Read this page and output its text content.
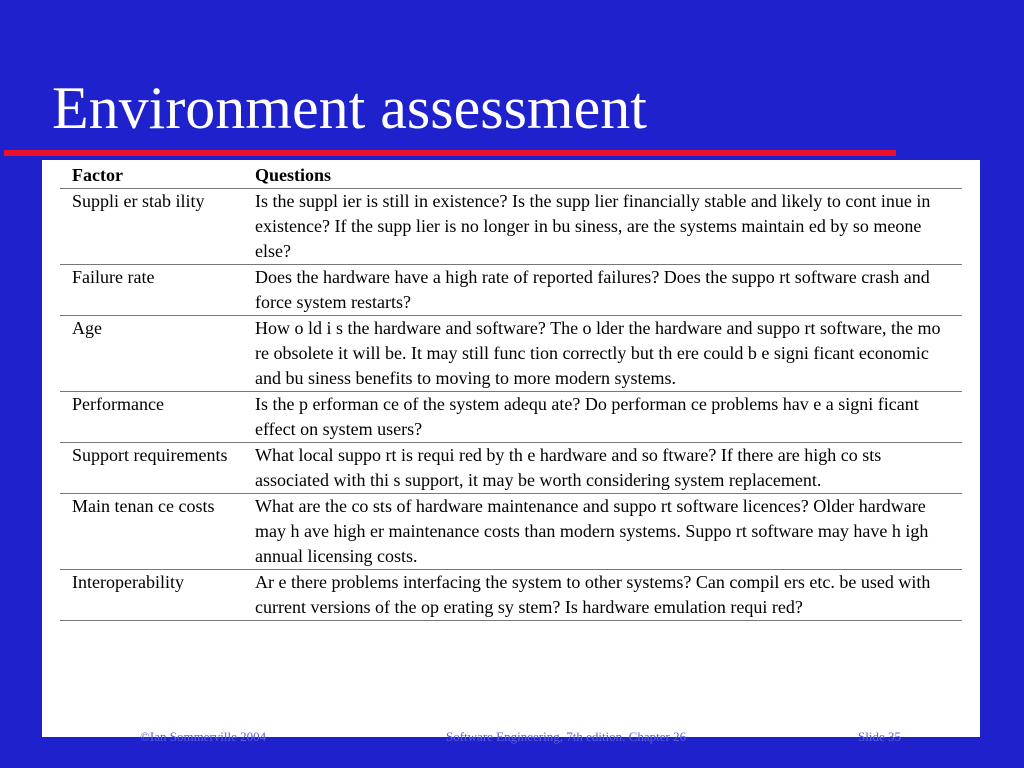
Environment assessment
Factor	Questions
Suppli er stab ility	Is the suppl ier is still in existence? Is the supp lier financially stable and likely to cont inue in existence? If the supp lier is no longer in bu siness, are the systems maintain ed by so meone else?
Failure rate	Does the hardware have a high rate of reported failures? Does the suppo rt software crash and force system restarts?
Age	How o ld i s the hardware and software? The o lder the hardware and suppo rt software, the mo re obsolete it will be. It may still func tion correctly but th ere could b e signi ficant economic and bu siness benefits to moving to more modern systems.
Performance	Is the p erforman ce of the system adequ ate? Do performan ce problems hav e a signi ficant effect on system users?
Support requirements	What local suppo rt is requi red by th e hardware and so ftware? If there are high co sts associated with thi s support, it may be worth considering system replacement.
Main tenan ce costs	What are the co sts of hardware maintenance and suppo rt software licences? Older hardware may h ave high er maintenance costs than modern systems. Suppo rt software may have h igh annual licensing costs.
Interoperability	Ar e there problems interfacing the system to other systems? Can compil ers etc. be used with current versions of the op erating sy stem? Is hardware emulation requi red?
©Ian Sommerville 2004	Software Engineering, 7th edition. Chapter 26	Slide 35
